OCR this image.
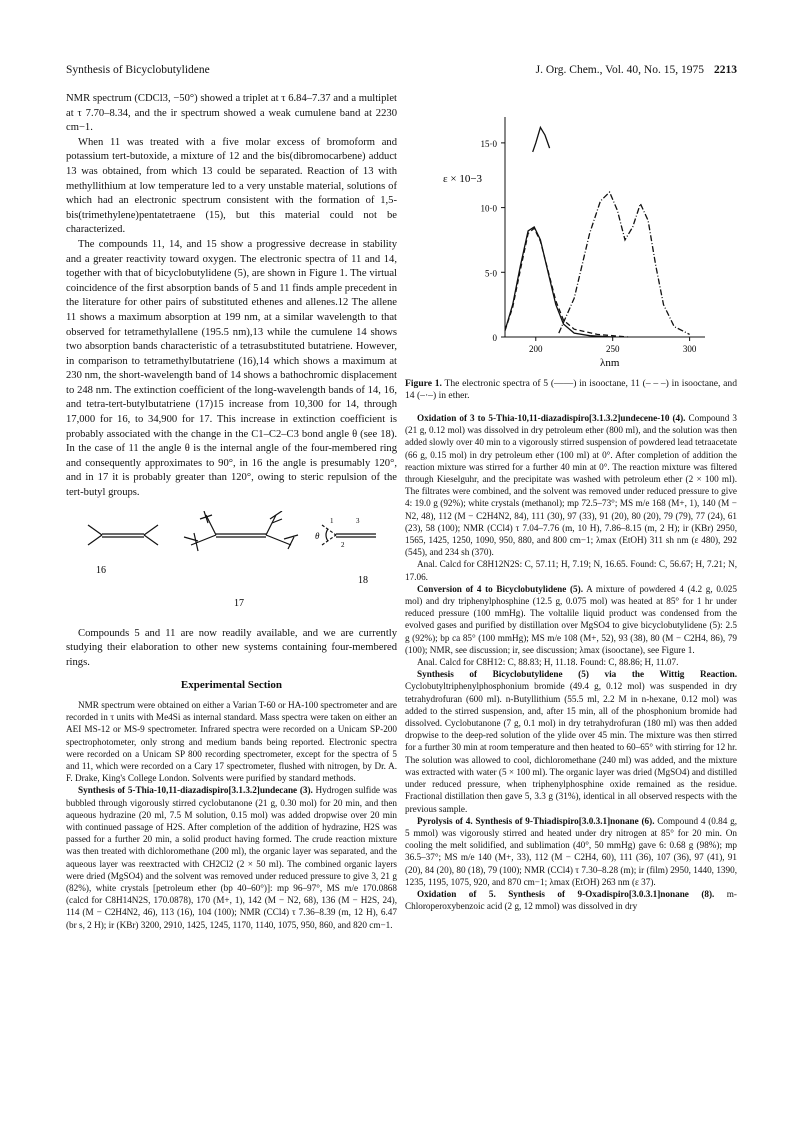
Synthesis of Bicyclobutylidene	J. Org. Chem., Vol. 40, No. 15, 1975 2213

NMR spectrum (CDCl3, −50°) showed a triplet at τ 6.84–7.37 and a multiplet at τ 7.70–8.34, and the ir spectrum showed a weak cumulene band at 2230 cm−1.

When 11 was treated with a five molar excess of bromoform and potassium tert-butoxide, a mixture of 12 and the bis(dibromocarbene) adduct 13 was obtained, from which 13 could be separated. Reaction of 13 with methyllithium at low temperature led to a very unstable material, solutions of which had an electronic spectrum consistent with the formation of 1,5-bis(trimethylene)pentatetraene (15), but this material could not be characterized.

The compounds 11, 14, and 15 show a progressive decrease in stability and a greater reactivity toward oxygen. The electronic spectra of 11 and 14, together with that of bicyclobutylidene (5), are shown in Figure 1. The virtual coincidence of the first absorption bands of 5 and 11 finds ample precedent in the literature for other pairs of substituted ethenes and allenes.12 The allene 11 shows a maximum absorption at 199 nm, at a similar wavelength to that observed for tetramethylallene (195.5 nm),13 while the cumulene 14 shows two absorption bands characteristic of a tetrasubstituted butatriene. However, in comparison to tetramethylbutatriene (16),14 which shows a maximum at 230 nm, the short-wavelength band of 14 shows a bathochromic displacement to 248 nm. The extinction coefficient of the long-wavelength bands of 14, 16, and tetra-tert-butylbutatriene (17)15 increase from 10,300 for 14, through 17,000 for 16, to 34,900 for 17. This increase in extinction coefficient is probably associated with the change in the C1–C2–C3 bond angle θ (see 18). In the case of 11 the angle θ is the internal angle of the four-membered ring and consequently approximates to 90°, in 16 the angle is presumably 120°, and in 17 it is probably greater than 120°, owing to steric repulsion of the tert-butyl groups.

16
17
18
θ
1
2
3

Compounds 5 and 11 are now readily available, and we are currently studying their elaboration to other new systems containing four-membered rings.

Experimental Section

NMR spectrum were obtained on either a Varian T-60 or HA-100 spectrometer and are recorded in τ units with Me4Si as internal standard. Mass spectra were taken on either an AEI MS-12 or MS-9 spectrometer. Infrared spectra were recorded on a Unicam SP-200 spectrophotometer, only strong and medium bands being reported. Electronic spectra were recorded on a Unicam SP 800 recording spectrometer, except for the spectra of 5 and 11, which were recorded on a Cary 17 spectrometer, flushed with nitrogen, by Dr. A. F. Drake, King's College London. Solvents were purified by standard methods.

Synthesis of 5-Thia-10,11-diazadispiro[3.1.3.2]undecane (3). Hydrogen sulfide was bubbled through vigorously stirred cyclobutanone (21 g, 0.30 mol) for 20 min, and then aqueous hydrazine (20 ml, 7.5 M solution, 0.15 mol) was added dropwise over 20 min with continued passage of H2S. After completion of the addition of hydrazine, H2S was passed for a further 20 min, a solid product having formed. The crude reaction mixture was then treated with dichloromethane (200 ml), the organic layer was separated, and the aqueous layer was reextracted with CH2Cl2 (2 × 50 ml). The combined organic layers were dried (MgSO4) and the solvent was removed under reduced pressure to give 3, 21 g (82%), white crystals [petroleum ether (bp 40–60°)]: mp 96–97°, MS m/e 170.0868 (calcd for C8H14N2S, 170.0878), 170 (M+, 1), 142 (M − N2, 68), 136 (M − H2S, 24), 114 (M − C2H4N2, 46), 113 (16), 104 (100); NMR (CCl4) τ 7.36–8.39 (m, 12 H), 6.47 (br s, 2 H); ir (KBr) 3200, 2910, 1425, 1245, 1170, 1140, 1075, 950, 860, and 820 cm−1.

15·0
10·0
5·0
0
200	250	300
ε × 10−3
λnm

Figure 1. The electronic spectra of 5 (——) in isooctane, 11 (– – –) in isooctane, and 14 (–·–) in ether.

Oxidation of 3 to 5-Thia-10,11-diazadispiro[3.1.3.2]undecene-10 (4). Compound 3 (21 g, 0.12 mol) was dissolved in dry petroleum ether (800 ml), and the solution was then added slowly over 40 min to a vigorously stirred suspension of powdered lead tetraacetate (66 g, 0.15 mol) in dry petroleum ether (100 ml) at 0°. After completion of addition the reaction mixture was stirred for a further 40 min at 0°. The reaction mixture was filtered through Kieselguhr, and the precipitate was washed with petroleum ether (2 × 100 ml). The filtrates were combined, and the solvent was removed under reduced pressure to give 4: 19.0 g (92%); white crystals (methanol); mp 72.5–73°; MS m/e 168 (M+, 1), 140 (M − N2, 48), 112 (M − C2H4N2, 84), 111 (30), 97 (33), 91 (20), 80 (20), 79 (79), 77 (24), 61 (23), 58 (100); NMR (CCl4) τ 7.04–7.76 (m, 10 H), 7.86–8.15 (m, 2 H); ir (KBr) 2950, 1565, 1425, 1250, 1090, 950, 880, and 800 cm−1; λmax (EtOH) 311 sh nm (ε 480), 292 (545), and 234 sh (370).

Anal. Calcd for C8H12N2S: C, 57.11; H, 7.19; N, 16.65. Found: C, 56.67; H, 7.21; N, 17.06.

Conversion of 4 to Bicyclobutylidene (5). A mixture of powdered 4 (4.2 g, 0.025 mol) and dry triphenylphosphine (12.5 g, 0.075 mol) was heated at 85° for 1 hr under reduced pressure (100 mmHg). The voltalile liquid product was condensed from the evolved gases and purified by distillation over MgSO4 to give bicyclobutylidene (5): 2.5 g (92%); bp ca 85° (100 mmHg); MS m/e 108 (M+, 52), 93 (38), 80 (M − C2H4, 86), 79 (100); NMR, see discussion; ir, see discussion; λmax (isooctane), see Figure 1.

Anal. Calcd for C8H12: C, 88.83; H, 11.18. Found: C, 88.86; H, 11.07.

Synthesis of Bicyclobutylidene (5) via the Wittig Reaction. Cyclobutyltriphenylphosphonium bromide (49.4 g, 0.12 mol) was suspended in dry tetrahydrofuran (600 ml). n-Butyllithium (55.5 ml, 2.2 M in n-hexane, 0.12 mol) was added to the stirred suspension, and, after 15 min, all of the phosphonium bromide had dissolved. Cyclobutanone (7 g, 0.1 mol) in dry tetrahydrofuran (180 ml) was then added dropwise to the deep-red solution of the ylide over 45 min. The mixture was then stirred for a further 30 min at room temperature and then heated to 60–65° with stirring for 12 hr. The solution was allowed to cool, dichloromethane (240 ml) was added, and the mixture was extracted with water (5 × 100 ml). The organic layer was dried (MgSO4) and distilled under reduced pressure, when triphenylphosphine oxide remained as the residue. Fractional distillation then gave 5, 3.3 g (31%), identical in all observed respects with the previous sample.

Pyrolysis of 4. Synthesis of 9-Thiadispiro[3.0.3.1]nonane (6). Compound 4 (0.84 g, 5 mmol) was vigorously stirred and heated under dry nitrogen at 85° for 20 min. On cooling the melt solidified, and sublimation (40°, 50 mmHg) gave 6: 0.68 g (98%); mp 36.5–37°; MS m/e 140 (M+, 33), 112 (M − C2H4, 60), 111 (36), 107 (36), 97 (41), 91 (20), 84 (20), 80 (18), 79 (100); NMR (CCl4) τ 7.30–8.28 (m); ir (film) 2950, 1440, 1390, 1235, 1195, 1075, 920, and 870 cm−1; λmax (EtOH) 263 nm (ε 37).

Oxidation of 5. Synthesis of 9-Oxadispiro[3.0.3.1]nonane (8). m-Chloroperoxybenzoic acid (2 g, 12 mmol) was dissolved in dry
